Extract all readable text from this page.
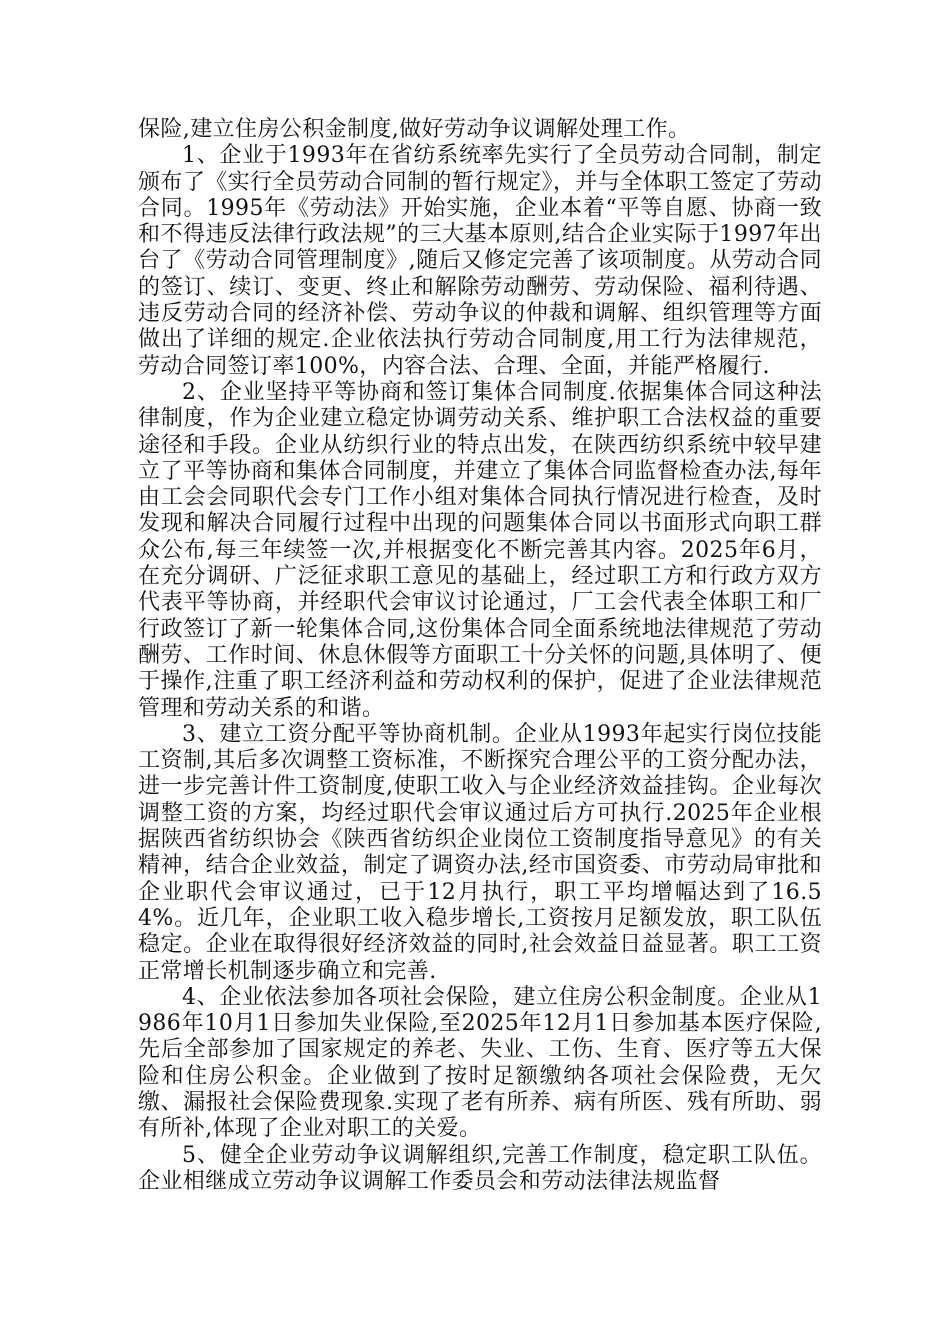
保险,建立住房公积金制度,做好劳动争议调解处理工作。

1、企业于1993年在省纺系统率先实行了全员劳动合同制，制定颁布了《实行全员劳动合同制的暂行规定》，并与全体职工签定了劳动合同。1995年《劳动法》开始实施，企业本着“平等自愿、协商一致和不得违反法律行政法规”的三大基本原则,结合企业实际于1997年出台了《劳动合同管理制度》,随后又修定完善了该项制度。从劳动合同的签订、续订、变更、终止和解除劳动酬劳、劳动保险、福利待遇、违反劳动合同的经济补偿、劳动争议的仲裁和调解、组织管理等方面做出了详细的规定.企业依法执行劳动合同制度,用工行为法律规范，劳动合同签订率100%，内容合法、合理、全面，并能严格履行.

2、企业坚持平等协商和签订集体合同制度.依据集体合同这种法律制度，作为企业建立稳定协调劳动关系、维护职工合法权益的重要途径和手段。企业从纺织行业的特点出发，在陕西纺织系统中较早建立了平等协商和集体合同制度，并建立了集体合同监督检查办法,每年由工会会同职代会专门工作小组对集体合同执行情况进行检查，及时发现和解决合同履行过程中出现的问题集体合同以书面形式向职工群众公布,每三年续签一次,并根据变化不断完善其内容。2025年6月，在充分调研、广泛征求职工意见的基础上，经过职工方和行政方双方代表平等协商，并经职代会审议讨论通过，厂工会代表全体职工和厂行政签订了新一轮集体合同,这份集体合同全面系统地法律规范了劳动酬劳、工作时间、休息休假等方面职工十分关怀的问题,具体明了、便于操作,注重了职工经济利益和劳动权利的保护，促进了企业法律规范管理和劳动关系的和谐。

3、建立工资分配平等协商机制。企业从1993年起实行岗位技能工资制,其后多次调整工资标准，不断探究合理公平的工资分配办法，进一步完善计件工资制度,使职工收入与企业经济效益挂钩。企业每次调整工资的方案，均经过职代会审议通过后方可执行.2025年企业根据陕西省纺织协会《陕西省纺织企业岗位工资制度指导意见》的有关精神，结合企业效益，制定了调资办法,经市国资委、市劳动局审批和企业职代会审议通过，已于12月执行，职工平均增幅达到了16.54%。近几年，企业职工收入稳步增长,工资按月足额发放，职工队伍稳定。企业在取得很好经济效益的同时,社会效益日益显著。职工工资正常增长机制逐步确立和完善.

4、企业依法参加各项社会保险，建立住房公积金制度。企业从1986年10月1日参加失业保险,至2025年12月1日参加基本医疗保险,先后全部参加了国家规定的养老、失业、工伤、生育、医疗等五大保险和住房公积金。企业做到了按时足额缴纳各项社会保险费，无欠缴、漏报社会保险费现象.实现了老有所养、病有所医、残有所助、弱有所补,体现了企业对职工的关爱。

5、健全企业劳动争议调解组织,完善工作制度，稳定职工队伍。企业相继成立劳动争议调解工作委员会和劳动法律法规监督
